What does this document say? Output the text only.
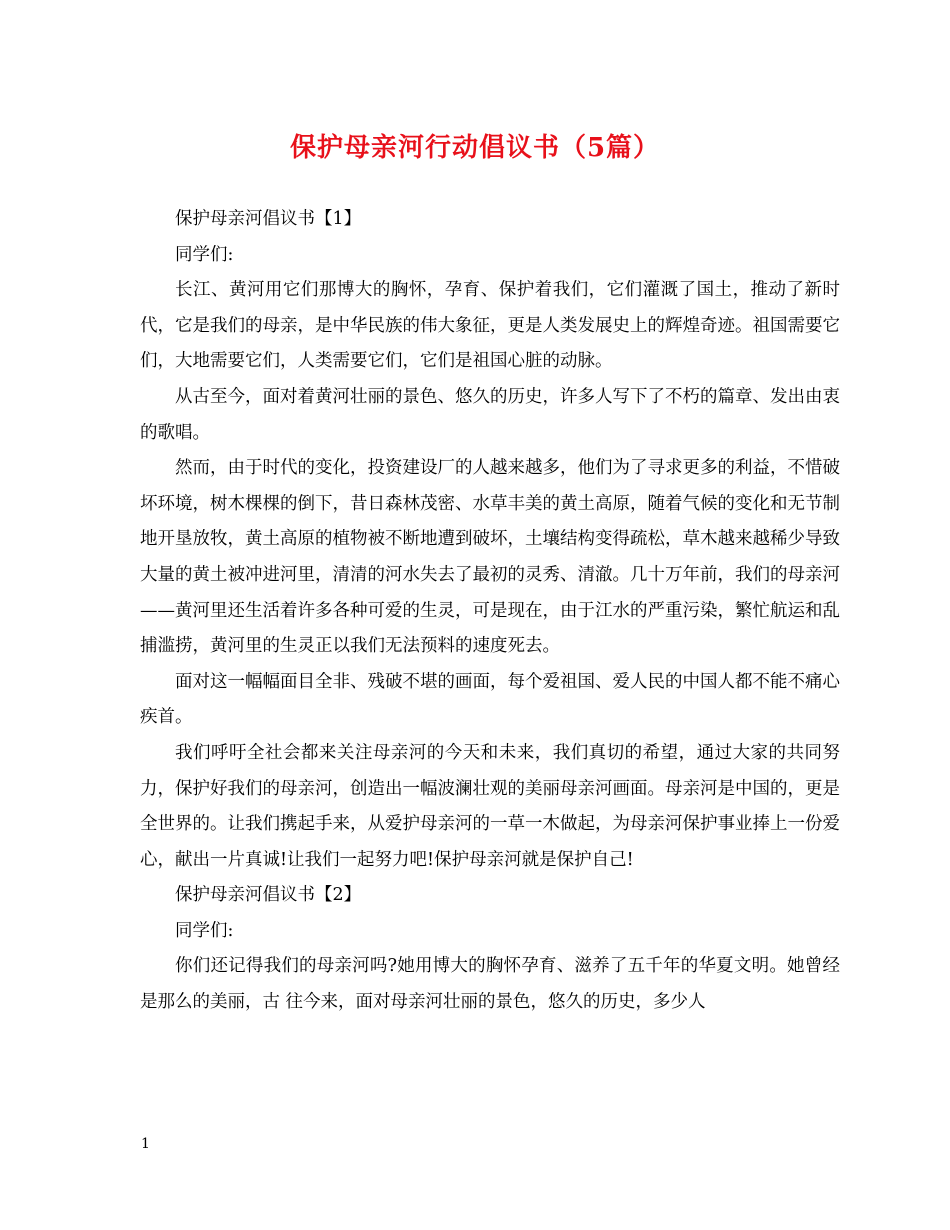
保护母亲河行动倡议书（5篇）

保护母亲河倡议书【1】

同学们:

长江、黄河用它们那博大的胸怀，孕育、保护着我们，它们灌溉了国土，推动了新时代，它是我们的母亲，是中华民族的伟大象征，更是人类发展史上的辉煌奇迹。祖国需要它们，大地需要它们，人类需要它们，它们是祖国心脏的动脉。

从古至今，面对着黄河壮丽的景色、悠久的历史，许多人写下了不朽的篇章、发出由衷的歌唱。

然而，由于时代的变化，投资建设厂的人越来越多，他们为了寻求更多的利益，不惜破坏环境，树木棵棵的倒下，昔日森林茂密、水草丰美的黄土高原，随着气候的变化和无节制地开垦放牧，黄土高原的植物被不断地遭到破坏，土壤结构变得疏松，草木越来越稀少导致大量的黄土被冲进河里，清清的河水失去了最初的灵秀、清澈。几十万年前，我们的母亲河——黄河里还生活着许多各种可爱的生灵，可是现在，由于江水的严重污染，繁忙航运和乱捕滥捞，黄河里的生灵正以我们无法预料的速度死去。

面对这一幅幅面目全非、残破不堪的画面，每个爱祖国、爱人民的中国人都不能不痛心疾首。

我们呼吁全社会都来关注母亲河的今天和未来，我们真切的希望，通过大家的共同努力，保护好我们的母亲河，创造出一幅波澜壮观的美丽母亲河画面。母亲河是中国的，更是全世界的。让我们携起手来，从爱护母亲河的一草一木做起，为母亲河保护事业捧上一份爱心，献出一片真诚!让我们一起努力吧!保护母亲河就是保护自己!

保护母亲河倡议书【2】

同学们:

你们还记得我们的母亲河吗?她用博大的胸怀孕育、滋养了五千年的华夏文明。她曾经是那么的美丽，古 往今来，面对母亲河壮丽的景色，悠久的历史，多少人

1
